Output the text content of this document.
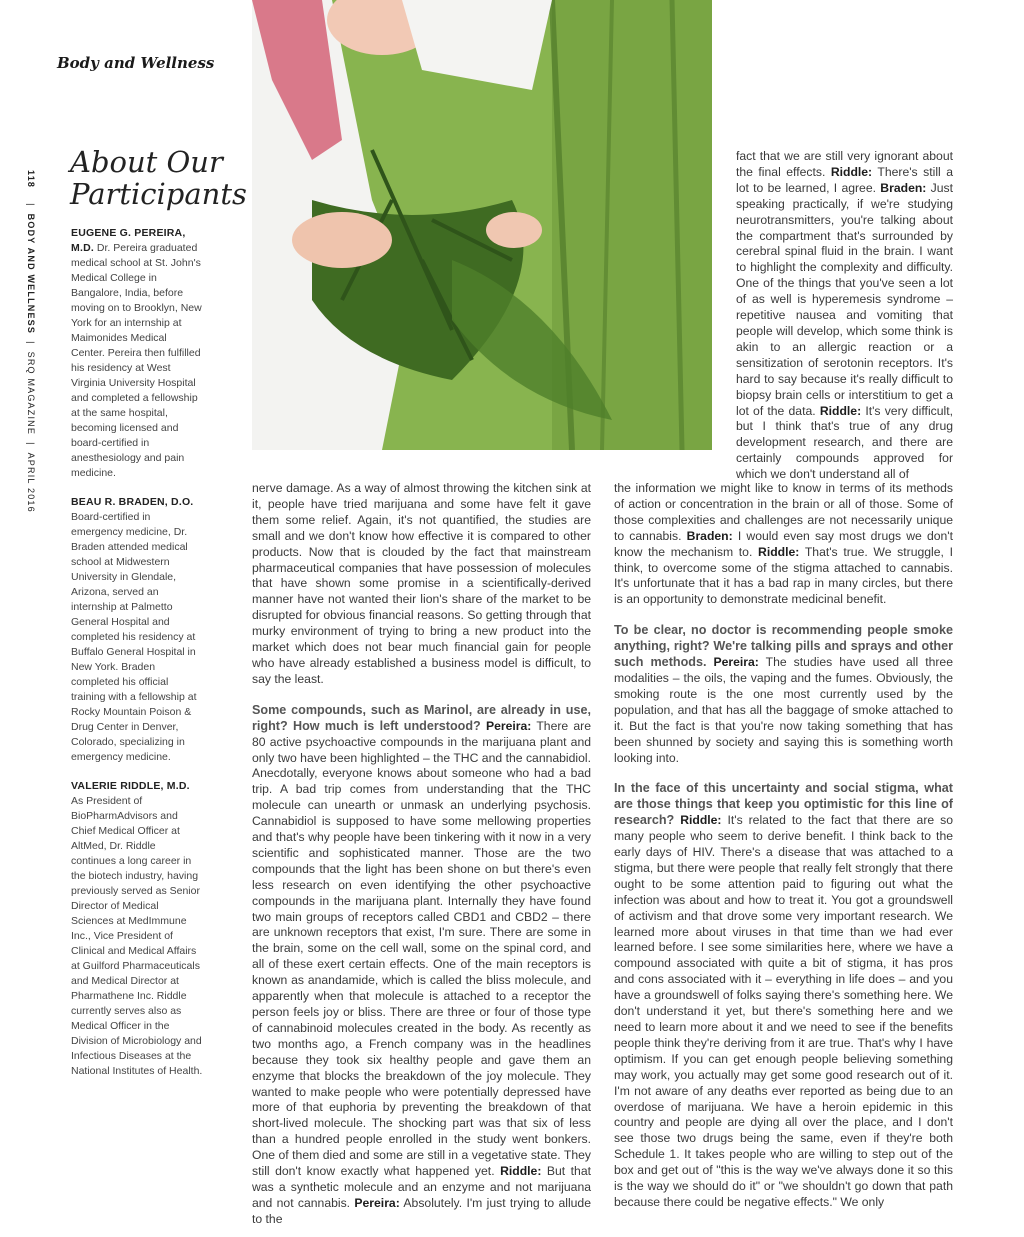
Body and Wellness
118|BODY AND WELLNESS|SRQ MAGAZINE|APRIL 2016
About Our
Participants
EUGENE G. PEREIRA, M.D. Dr. Pereira graduated medical school at St. John's Medical College in Bangalore, India, before moving on to Brooklyn, New York for an internship at Maimonides Medical Center. Pereira then fulfilled his residency at West Virginia University Hospital and completed a fellowship at the same hospital, becoming licensed and board-certified in anesthesiology and pain medicine.
BEAU R. BRADEN, D.O. Board-certified in emergency medicine, Dr. Braden attended medical school at Midwestern University in Glendale, Arizona, served an internship at Palmetto General Hospital and completed his residency at Buffalo General Hospital in New York. Braden completed his official training with a fellowship at Rocky Mountain Poison & Drug Center in Denver, Colorado, specializing in emergency medicine.
VALERIE RIDDLE, M.D. As President of BioPharmAdvisors and Chief Medical Officer at AltMed, Dr. Riddle continues a long career in the biotech industry, having previously served as Senior Director of Medical Sciences at MedImmune Inc., Vice President of Clinical and Medical Affairs at Guilford Pharmaceuticals and Medical Director at Pharmathene Inc. Riddle currently serves also as Medical Officer in the Division of Microbiology and Infectious Diseases at the National Institutes of Health.

fact that we are still very ignorant about the final effects. Riddle: There's still a lot to be learned, I agree. Braden: Just speaking practically, if we're studying neurotransmitters, you're talking about the compartment that's surrounded by cerebral spinal fluid in the brain. I want to highlight the complexity and difficulty. One of the things that you've seen a lot of as well is hyperemesis syndrome – repetitive nausea and vomiting that people will develop, which some think is akin to an allergic reaction or a sensitization of serotonin receptors. It's hard to say because it's really difficult to biopsy brain cells or interstitium to get a lot of the data. Riddle: It's very difficult, but I think that's true of any drug development research, and there are certainly compounds approved for which we don't understand all of

nerve damage. As a way of almost throwing the kitchen sink at it, people have tried marijuana and some have felt it gave them some relief. Again, it's not quantified, the studies are small and we don't know how effective it is compared to other products. Now that is clouded by the fact that mainstream pharmaceutical companies that have possession of molecules that have shown some promise in a scientifically-derived manner have not wanted their lion's share of the market to be disrupted for obvious financial reasons. So getting through that murky environment of trying to bring a new product into the market which does not bear much financial gain for people who have already established a business model is difficult, to say the least.

Some compounds, such as Marinol, are already in use, right? How much is left understood? Pereira: There are 80 active psychoactive compounds in the marijuana plant and only two have been highlighted – the THC and the cannabidiol. Anecdotally, everyone knows about someone who had a bad trip. A bad trip comes from understanding that the THC molecule can unearth or unmask an underlying psychosis. Cannabidiol is supposed to have some mellowing properties and that's why people have been tinkering with it now in a very scientific and sophisticated manner. Those are the two compounds that the light has been shone on but there's even less research on even identifying the other psychoactive compounds in the marijuana plant. Internally they have found two main groups of receptors called CBD1 and CBD2 – there are unknown receptors that exist, I'm sure. There are some in the brain, some on the cell wall, some on the spinal cord, and all of these exert certain effects. One of the main receptors is known as anandamide, which is called the bliss molecule, and apparently when that molecule is attached to a receptor the person feels joy or bliss. There are three or four of those type of cannabinoid molecules created in the body. As recently as two months ago, a French company was in the headlines because they took six healthy people and gave them an enzyme that blocks the breakdown of the joy molecule. They wanted to make people who were potentially depressed have more of that euphoria by preventing the breakdown of that short-lived molecule. The shocking part was that six of less than a hundred people enrolled in the study went bonkers. One of them died and some are still in a vegetative state. They still don't know exactly what happened yet. Riddle: But that was a synthetic molecule and an enzyme and not marijuana and not cannabis. Pereira: Absolutely. I'm just trying to allude to the

the information we might like to know in terms of its methods of action or concentration in the brain or all of those. Some of those complexities and challenges are not necessarily unique to cannabis. Braden: I would even say most drugs we don't know the mechanism to. Riddle: That's true. We struggle, I think, to overcome some of the stigma attached to cannabis. It's unfortunate that it has a bad rap in many circles, but there is an opportunity to demonstrate medicinal benefit.

To be clear, no doctor is recommending people smoke anything, right? We're talking pills and sprays and other such methods. Pereira: The studies have used all three modalities – the oils, the vaping and the fumes. Obviously, the smoking route is the one most currently used by the population, and that has all the baggage of smoke attached to it. But the fact is that you're now taking something that has been shunned by society and saying this is something worth looking into.

In the face of this uncertainty and social stigma, what are those things that keep you optimistic for this line of research? Riddle: It's related to the fact that there are so many people who seem to derive benefit. I think back to the early days of HIV. There's a disease that was attached to a stigma, but there were people that really felt strongly that there ought to be some attention paid to figuring out what the infection was about and how to treat it. You got a groundswell of activism and that drove some very important research. We learned more about viruses in that time than we had ever learned before. I see some similarities here, where we have a compound associated with quite a bit of stigma, it has pros and cons associated with it – everything in life does – and you have a groundswell of folks saying there's something here. We don't understand it yet, but there's something here and we need to learn more about it and we need to see if the benefits people think they're deriving from it are true. That's why I have optimism. If you can get enough people believing something may work, you actually may get some good research out of it. I'm not aware of any deaths ever reported as being due to an overdose of marijuana. We have a heroin epidemic in this country and people are dying all over the place, and I don't see those two drugs being the same, even if they're both Schedule 1. It takes people who are willing to step out of the box and get out of "this is the way we've always done it so this is the way we should do it" or "we shouldn't go down that path because there could be negative effects." We only
